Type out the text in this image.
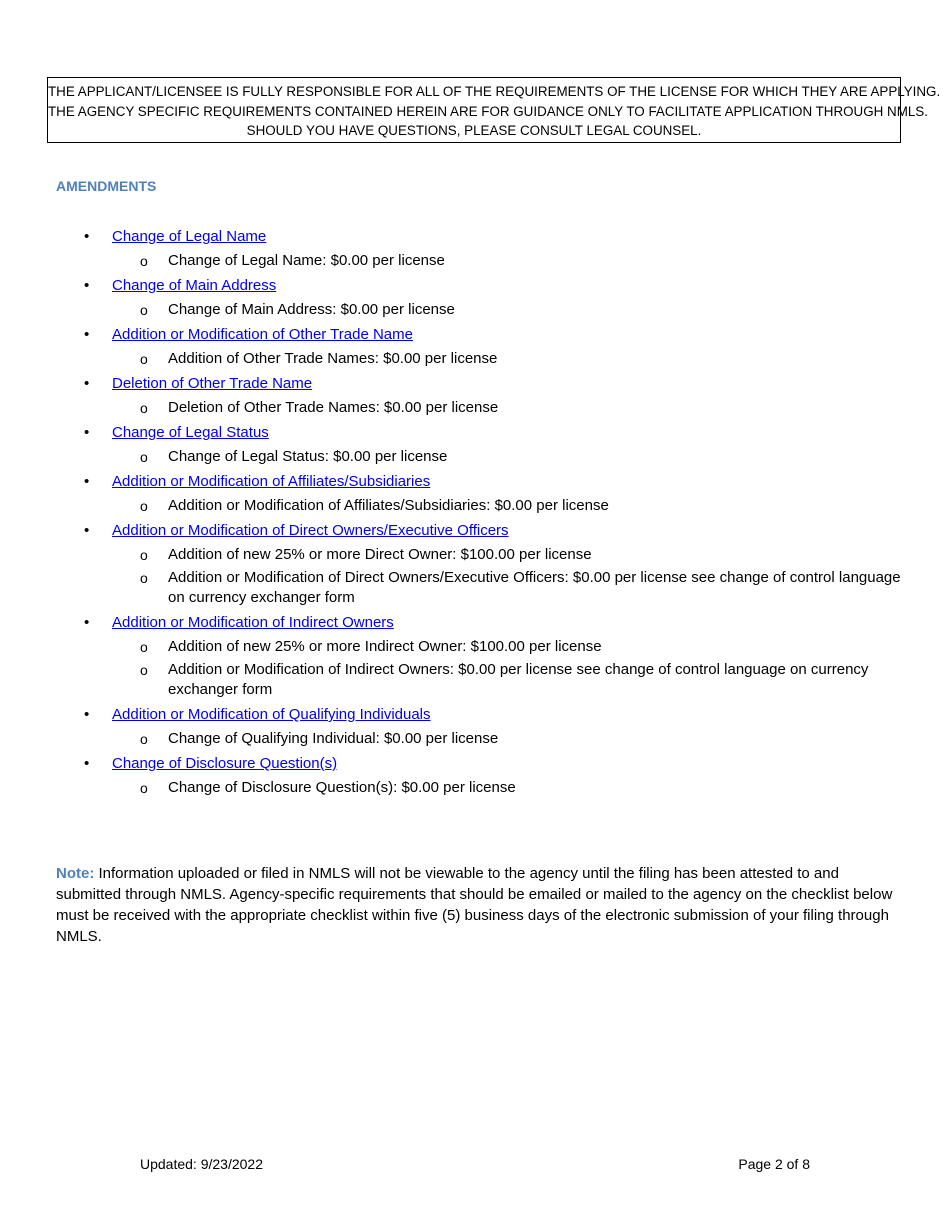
THE APPLICANT/LICENSEE IS FULLY RESPONSIBLE FOR ALL OF THE REQUIREMENTS OF THE LICENSE FOR WHICH THEY ARE APPLYING.
THE AGENCY SPECIFIC REQUIREMENTS CONTAINED HEREIN ARE FOR GUIDANCE ONLY TO FACILITATE APPLICATION THROUGH NMLS.
SHOULD YOU HAVE QUESTIONS, PLEASE CONSULT LEGAL COUNSEL.
AMENDMENTS
• Change of Legal Name
o Change of Legal Name: $0.00 per license
• Change of Main Address
o Change of Main Address: $0.00 per license
• Addition or Modification of Other Trade Name
o Addition of Other Trade Names: $0.00 per license
• Deletion of Other Trade Name
o Deletion of Other Trade Names: $0.00 per license
• Change of Legal Status
o Change of Legal Status: $0.00 per license
• Addition or Modification of Affiliates/Subsidiaries
o Addition or Modification of Affiliates/Subsidiaries: $0.00 per license
• Addition or Modification of Direct Owners/Executive Officers
o Addition of new 25% or more Direct Owner: $100.00 per license
o Addition or Modification of Direct Owners/Executive Officers: $0.00 per license see change of control language on currency exchanger form
• Addition or Modification of Indirect Owners
o Addition of new 25% or more Indirect Owner: $100.00 per license
o Addition or Modification of Indirect Owners: $0.00 per license see change of control language on currency exchanger form
• Addition or Modification of Qualifying Individuals
o Change of Qualifying Individual: $0.00 per license
• Change of Disclosure Question(s)
o Change of Disclosure Question(s): $0.00 per license

Note: Information uploaded or filed in NMLS will not be viewable to the agency until the filing has been attested to and submitted through NMLS. Agency-specific requirements that should be emailed or mailed to the agency on the checklist below must be received with the appropriate checklist within five (5) business days of the electronic submission of your filing through NMLS.

Updated: 9/23/2022	Page 2 of 8
